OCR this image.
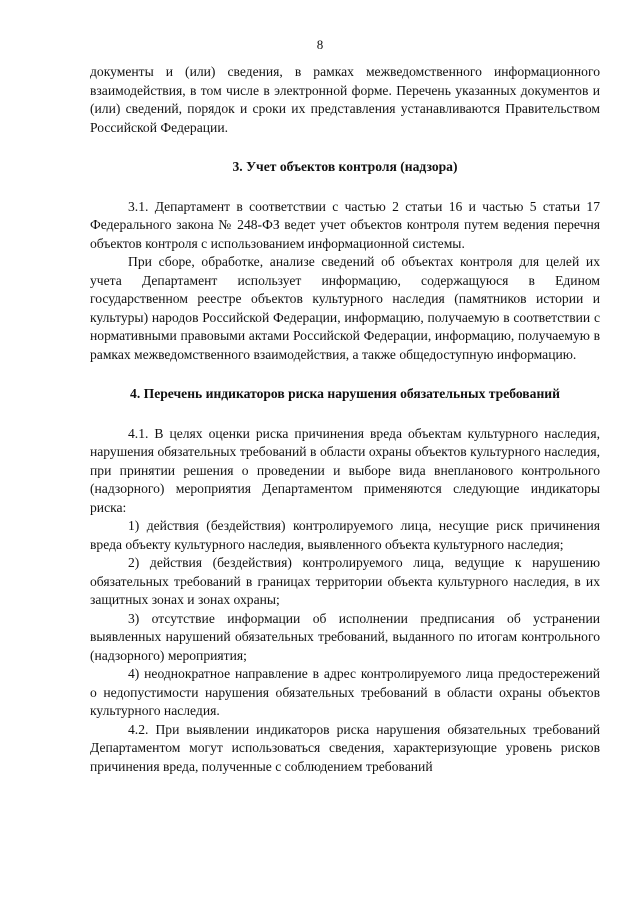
8

документы и (или) сведения, в рамках межведомственного информационного взаимодействия, в том числе в электронной форме. Перечень указанных документов и (или) сведений, порядок и сроки их представления устанавливаются Правительством Российской Федерации.

3. Учет объектов контроля (надзора)

3.1. Департамент в соответствии с частью 2 статьи 16 и частью 5 статьи 17 Федерального закона № 248-ФЗ ведет учет объектов контроля путем ведения перечня объектов контроля с использованием информационной системы.

При сборе, обработке, анализе сведений об объектах контроля для целей их учета Департамент использует информацию, содержащуюся в Едином государственном реестре объектов культурного наследия (памятников истории и культуры) народов Российской Федерации, информацию, получаемую в соответствии с нормативными правовыми актами Российской Федерации, информацию, получаемую в рамках межведомственного взаимодействия, а также общедоступную информацию.

4. Перечень индикаторов риска нарушения обязательных требований

4.1. В целях оценки риска причинения вреда объектам культурного наследия, нарушения обязательных требований в области охраны объектов культурного наследия, при принятии решения о проведении и выборе вида внепланового контрольного (надзорного) мероприятия Департаментом применяются следующие индикаторы риска:

1) действия (бездействия) контролируемого лица, несущие риск причинения вреда объекту культурного наследия, выявленного объекта культурного наследия;

2) действия (бездействия) контролируемого лица, ведущие к нарушению обязательных требований в границах территории объекта культурного наследия, в их защитных зонах и зонах охраны;

3) отсутствие информации об исполнении предписания об устранении выявленных нарушений обязательных требований, выданного по итогам контрольного (надзорного) мероприятия;

4) неоднократное направление в адрес контролируемого лица предостережений о недопустимости нарушения обязательных требований в области охраны объектов культурного наследия.

4.2. При выявлении индикаторов риска нарушения обязательных требований Департаментом могут использоваться сведения, характеризующие уровень рисков причинения вреда, полученные с соблюдением требований
